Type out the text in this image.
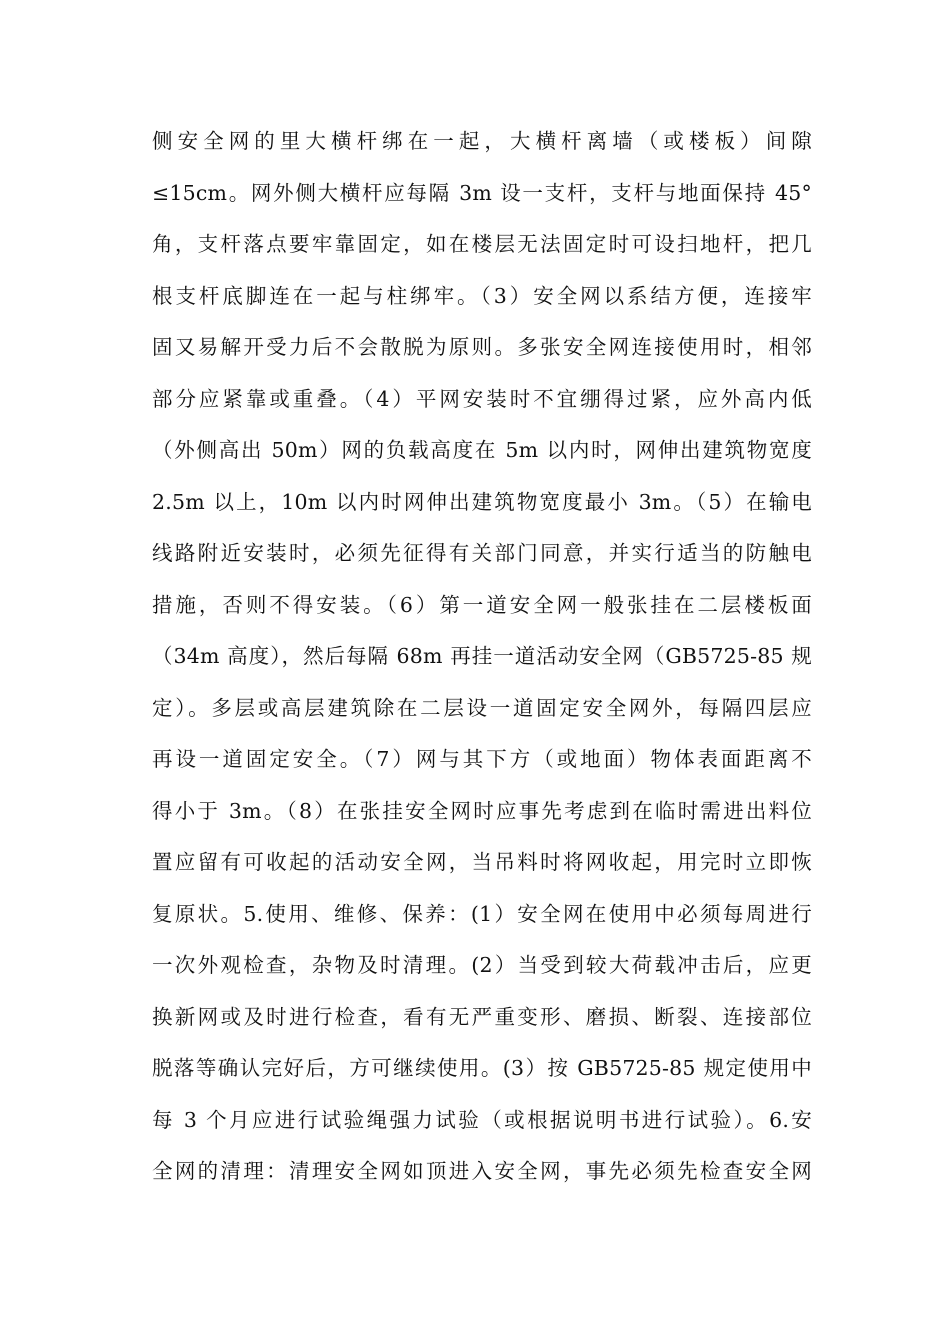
侧安全网的里大横杆绑在一起，大横杆离墙（或楼板）间隙
≤15cm。网外侧大横杆应每隔 3m 设一支杆，支杆与地面保持 45°
角，支杆落点要牢靠固定，如在楼层无法固定时可设扫地杆，把几
根支杆底脚连在一起与柱绑牢。（3）安全网以系结方便，连接牢
固又易解开受力后不会散脱为原则。多张安全网连接使用时，相邻
部分应紧靠或重叠。（4）平网安装时不宜绷得过紧，应外高内低
（外侧高出 50m）网的负载高度在 5m 以内时，网伸出建筑物宽度
2.5m 以上，10m 以内时网伸出建筑物宽度最小 3m。（5）在输电
线路附近安装时，必须先征得有关部门同意，并实行适当的防触电
措施，否则不得安装。（6）第一道安全网一般张挂在二层楼板面
（34m 高度），然后每隔 68m 再挂一道活动安全网（GB5725-85 规
定）。多层或高层建筑除在二层设一道固定安全网外，每隔四层应
再设一道固定安全。（7）网与其下方（或地面）物体表面距离不
得小于 3m。（8）在张挂安全网时应事先考虑到在临时需进出料位
置应留有可收起的活动安全网，当吊料时将网收起，用完时立即恢
复原状。5.使用、维修、保养：(1）安全网在使用中必须每周进行
一次外观检查，杂物及时清理。(2）当受到较大荷载冲击后，应更
换新网或及时进行检查，看有无严重变形、磨损、断裂、连接部位
脱落等确认完好后，方可继续使用。(3）按 GB5725-85 规定使用中
每 3 个月应进行试验绳强力试验（或根据说明书进行试验）。6.安
全网的清理：清理安全网如顶进入安全网，事先必须先检查安全网
